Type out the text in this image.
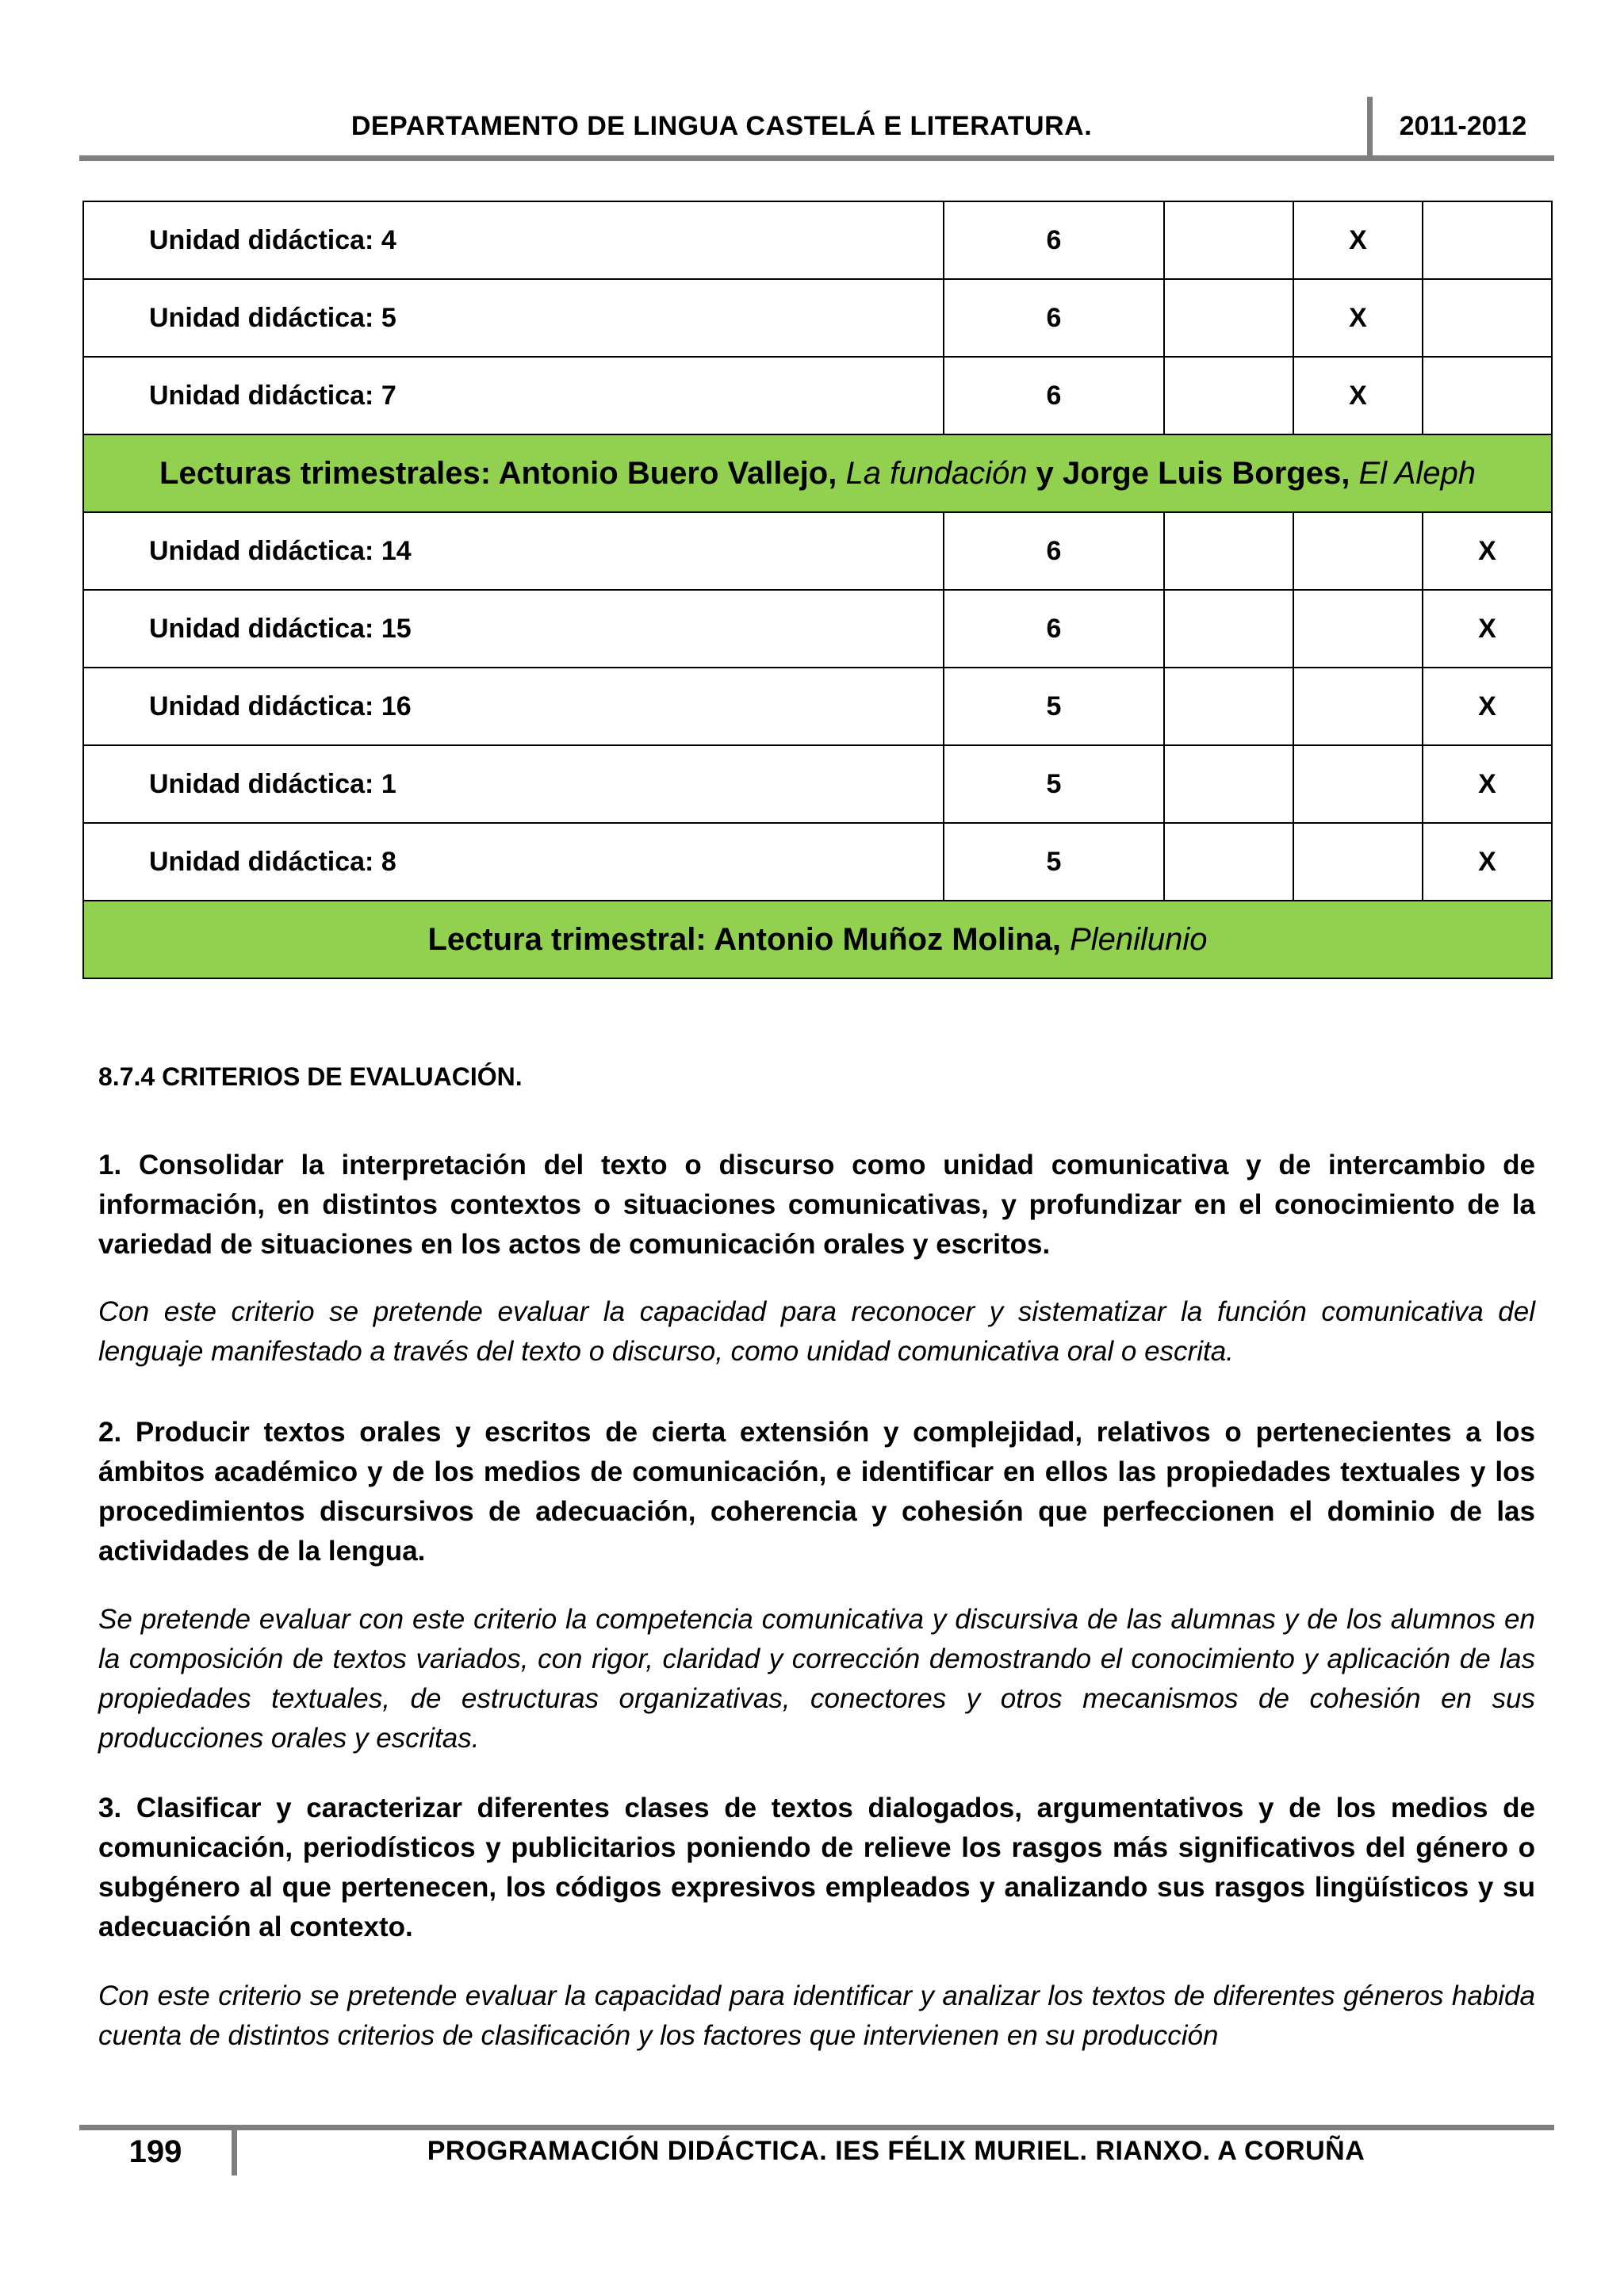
DEPARTAMENTO DE LINGUA CASTELÁ E LITERATURA.	2011-2012
Unidad didáctica: 4	6		X	
Unidad didáctica: 5	6		X	
Unidad didáctica: 7	6		X	
Lecturas trimestrales: Antonio Buero Vallejo, La fundación y Jorge Luis Borges, El Aleph				
Unidad didáctica: 14	6			X
Unidad didáctica: 15	6			X
Unidad didáctica: 16	5			X
Unidad didáctica: 1	5			X
Unidad didáctica: 8	5			X
Lectura trimestral: Antonio Muñoz Molina, Plenilunio				
8.7.4 CRITERIOS DE EVALUACIÓN.
1. Consolidar la interpretación del texto o discurso como unidad comunicativa y de intercambio de información, en distintos contextos o situaciones comunicativas, y profundizar en el conocimiento de la variedad de situaciones en los actos de comunicación orales y escritos.
Con este criterio se pretende evaluar la capacidad para reconocer y sistematizar la función comunicativa del lenguaje manifestado a través del texto o discurso, como unidad comunicativa oral o escrita.
2. Producir textos orales y escritos de cierta extensión y complejidad, relativos o pertenecientes a los ámbitos académico y de los medios de comunicación, e identificar en ellos las propiedades textuales y los procedimientos discursivos de adecuación, coherencia y cohesión que perfeccionen el dominio de las actividades de la lengua.
Se pretende evaluar con este criterio la competencia comunicativa y discursiva de las alumnas y de los alumnos en la composición de textos variados, con rigor, claridad y corrección demostrando el conocimiento y aplicación de las propiedades textuales, de estructuras organizativas, conectores y otros mecanismos de cohesión en sus producciones orales y escritas.
3. Clasificar y caracterizar diferentes clases de textos dialogados, argumentativos y de los medios de comunicación, periodísticos y publicitarios poniendo de relieve los rasgos más significativos del género o subgénero al que pertenecen, los códigos expresivos empleados y analizando sus rasgos lingüísticos y su adecuación al contexto.
Con este criterio se pretende evaluar la capacidad para identificar y analizar los textos de diferentes géneros habida cuenta de distintos criterios de clasificación y los factores que intervienen en su producción
199	PROGRAMACIÓN DIDÁCTICA. IES FÉLIX MURIEL. RIANXO. A CORUÑA
